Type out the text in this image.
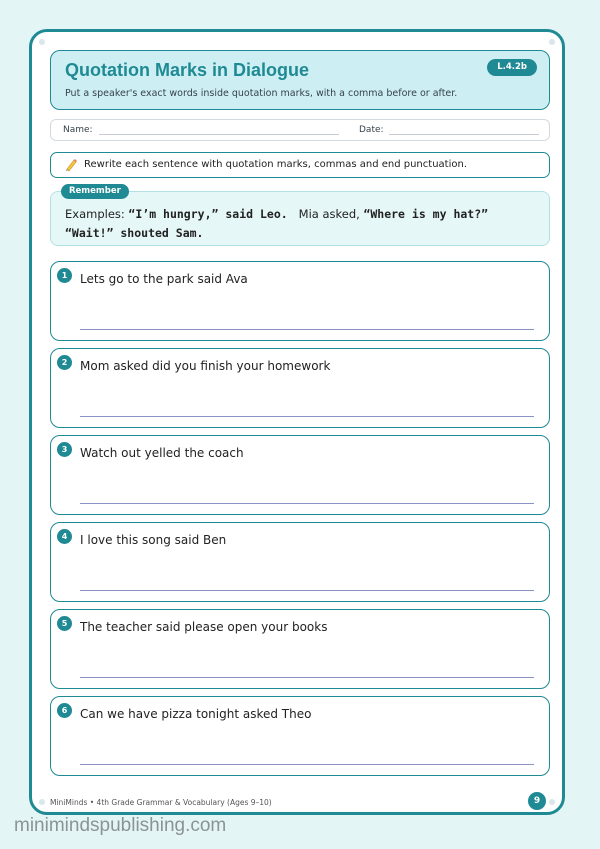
Quotation Marks in Dialogue
Put a speaker's exact words inside quotation marks, with a comma before or after.
L.4.2b
Name:	Date:
Rewrite each sentence with quotation marks, commas and end punctuation.
Remember
Examples: “I’m hungry,” said Leo. Mia asked, “Where is my hat?”   “Wait!” shouted Sam.
1	Lets go to the park said Ava
2	Mom asked did you finish your homework
3	Watch out yelled the coach
4	I love this song said Ben
5	The teacher said please open your books
6	Can we have pizza tonight asked Theo
MiniMinds • 4th Grade Grammar & Vocabulary (Ages 9–10)	9
minimindspublishing.com
